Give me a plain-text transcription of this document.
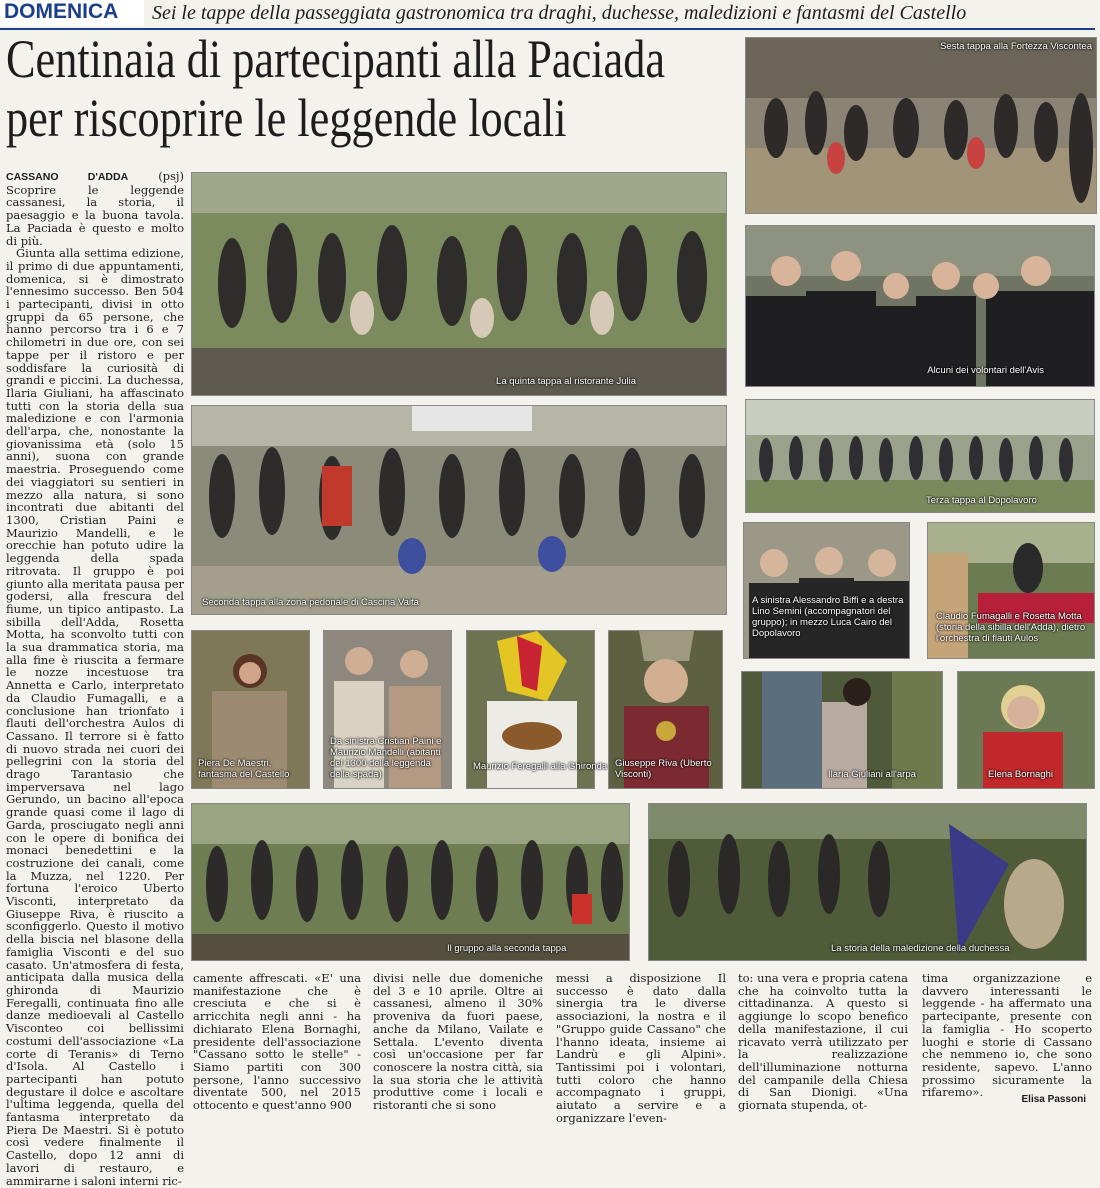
DOMENICA	Sei le tappe della passeggiata gastronomica tra draghi, duchesse, maledizioni e fantasmi del Castello
Centinaia di partecipanti alla Paciada
per riscoprire le leggende locali

CASSANO D'ADDA	(psj) Scoprire le leggende cassanesi, la storia, il paesaggio e la buona tavola. La Paciada è questo e molto di più.

Giunta alla settima edizione, il primo di due appuntamenti, domenica, si è dimostrato l'ennesimo successo. Ben 504 i partecipanti, divisi in otto gruppi da 65 persone, che hanno percorso tra i 6 e 7 chilometri in due ore, con sei tappe per il ristoro e per soddisfare la curiosità di grandi e piccini. La duchessa, Ilaria Giuliani, ha affascinato tutti con la storia della sua maledizione e con l'armonia dell'arpa, che, nonostante la giovanissima età (solo 15 anni), suona con grande maestria. Proseguendo come dei viaggiatori su sentieri in mezzo alla natura, si sono incontrati due abitanti del 1300, Cristian Paini e Maurizio Mandelli, e le orecchie han potuto udire la leggenda della spada ritrovata. Il gruppo è poi giunto alla meritata pausa per godersi, alla frescura del fiume, un tipico antipasto. La sibilla dell'Adda, Rosetta Motta, ha sconvolto tutti con la sua drammatica storia, ma alla fine è riuscita a fermare le nozze incestuose tra Annetta e Carlo, interpretato da Claudio Fumagalli, e a conclusione han trionfato i flauti dell'orchestra Aulos di Cassano. Il terrore si è fatto di nuovo strada nei cuori dei pellegrini con la storia del drago Tarantasio che imperversava nel lago Gerundo, un bacino all'epoca grande quasi come il lago di Garda, prosciugato negli anni con le opere di bonifica dei monaci benedettini e la costruzione dei canali, come la Muzza, nel 1220. Per fortuna l'eroico Uberto Visconti, interpretato da Giuseppe Riva, è riuscito a sconfiggerlo. Questo il motivo della biscia nel blasone della famiglia Visconti e del suo casato. Un'atmosfera di festa, anticipata dalla musica della ghironda di Maurizio Feregalli, continuata fino alle danze medioevali al Castello Visconteo coi bellissimi costumi dell'associazione «La corte di Teranis» di Terno d'Isola. Al Castello i partecipanti han potuto degustare il dolce e ascoltare l'ultima leggenda, quella del fantasma interpretato da Piera De Maestri. Si è potuto così vedere finalmente il Castello, dopo 12 anni di lavori di restauro, e ammirarne i saloni interni ric-

Sesta tappa alla Fortezza Viscontea
La quinta tappa al ristorante Julia
Alcuni dei volontari dell'Avis
Terza tappa al Dopolavoro
Seconda tappa alla zona pedonale di Cascina Vaita	A sinistra Alessandro Biffi e a destra Lino Semini (accompagnatori del gruppo); in mezzo Luca Cairo del Dopolavoro
Claudio Fumagalli e Rosetta Motta (storia della sibilla dell'Adda), dietro l'orchestra di flauti Aulos
Piera De Maestri, fantasma del Castello
Da sinistra Cristian Paini e Maurizio Mandelli (abitanti del 1300 della leggenda della spada)
Maurizio Feregalli alla Ghironda Giuseppe Riva (Uberto Visconti)	Ilaria Giuliani all'arpa	Elena Bornaghi
Il gruppo alla seconda tappa	La storia della maledizione della duchessa
camente affrescati. «E' una manifestazione che è cresciuta e che si è arricchita negli anni - ha dichiarato Elena Bornaghi, presidente dell'associazione "Cassano sotto le stelle" - Siamo partiti con 300 persone, l'anno successivo diventate 500, nel 2015 ottocento e quest'anno 900
divisi nelle due domeniche del 3 e 10 aprile. Oltre ai cassanesi, almeno il 30% proveniva da fuori paese, anche da Milano, Vailate e Settala. L'evento diventa così un'occasione per far conoscere la nostra città, sia la sua storia che le attività produttive come i locali e ristoranti che si sono
messi a disposizione Il successo è dato dalla sinergia tra le diverse associazioni, la nostra e il "Gruppo guide Cassano" che l'hanno ideata, insieme ai Landrù e gli Alpini». Tantissimi poi i volontari, tutti coloro che hanno accompagnato i gruppi, aiutato a servire e a organizzare l'even-
to: una vera e propria catena che ha coinvolto tutta la cittadinanza. A questo si aggiunge lo scopo benefico della manifestazione, il cui ricavato verrà utilizzato per la realizzazione dell'illuminazione notturna del campanile della Chiesa di San Dionigi. «Una giornata stupenda, ot-
tima organizzazione e davvero interessanti le leggende - ha affermato una partecipante, presente con la famiglia - Ho scoperto luoghi e storie di Cassano che nemmeno io, che sono residente, sapevo. L'anno prossimo sicuramente la rifaremo».
Elisa Passoni
